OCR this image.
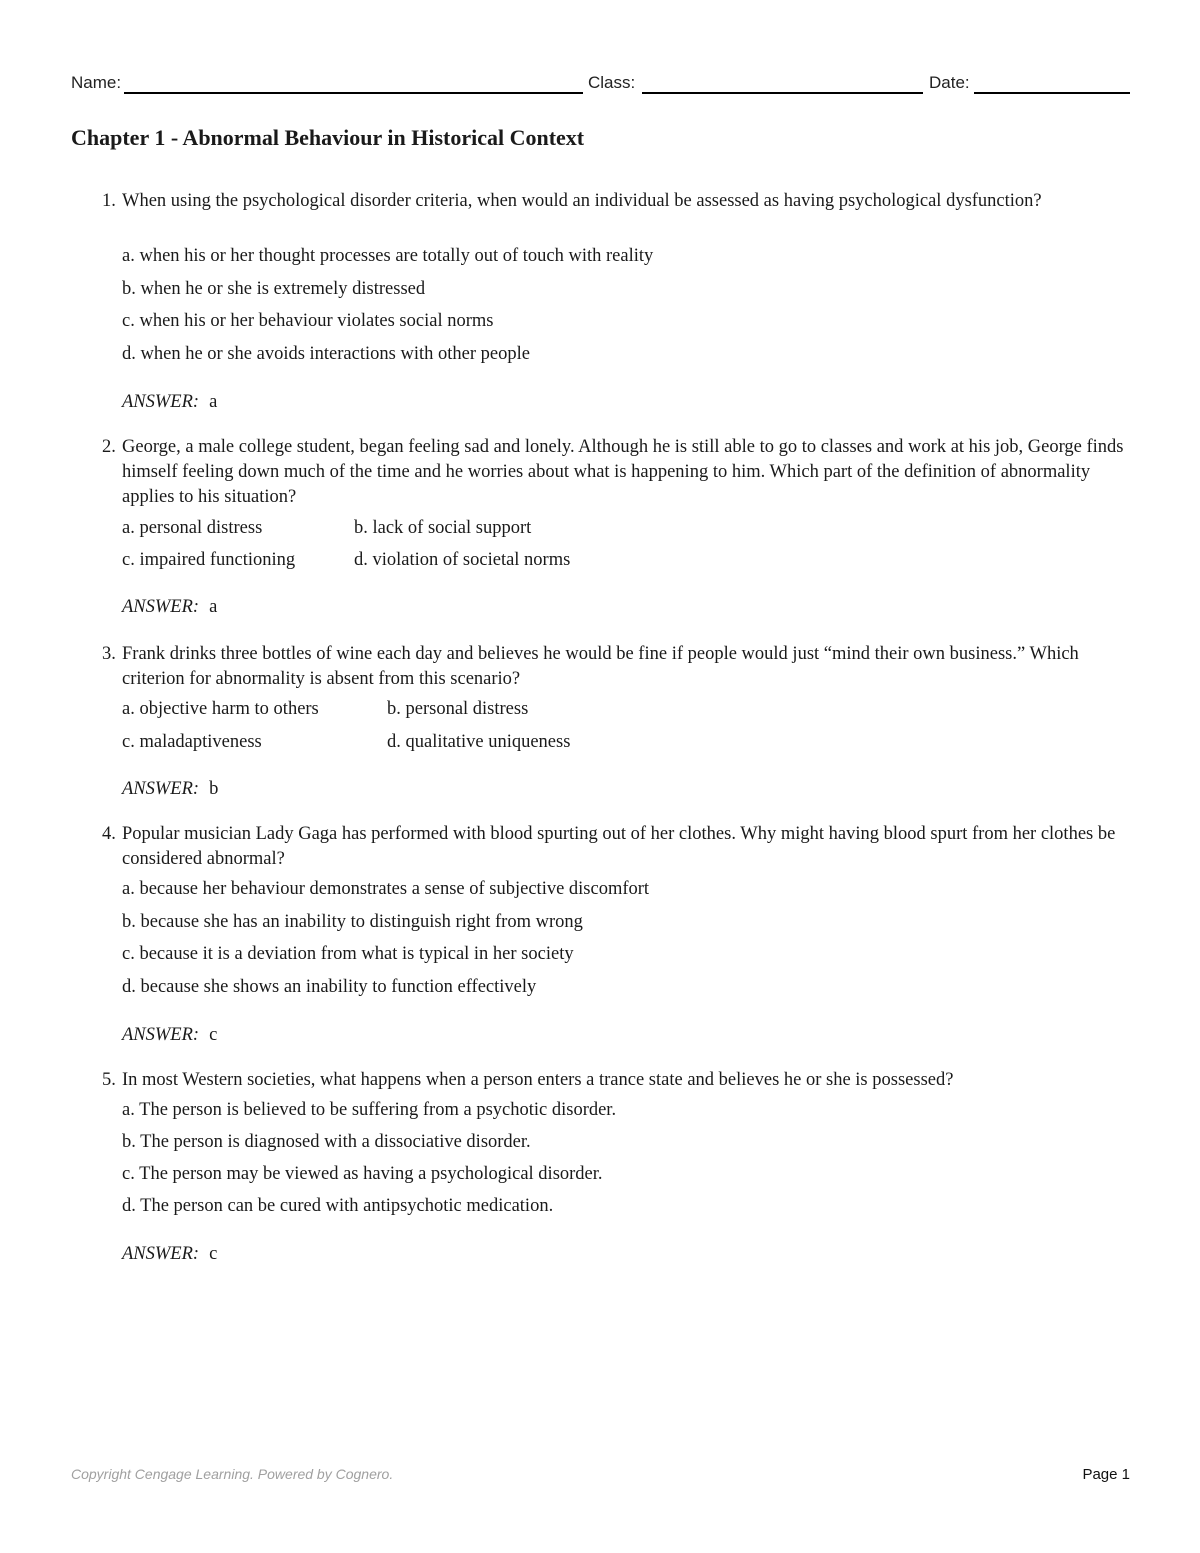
Name:	Class:	Date:
Chapter 1 - Abnormal Behaviour in Historical Context
1. When using the psychological disorder criteria, when would an individual be assessed as having psychological dysfunction?
a. when his or her thought processes are totally out of touch with reality
b. when he or she is extremely distressed
c. when his or her behaviour violates social norms
d. when he or she avoids interactions with other people
ANSWER: a
2. George, a male college student, began feeling sad and lonely. Although he is still able to go to classes and work at his job, George finds himself feeling down much of the time and he worries about what is happening to him. Which part of the definition of abnormality applies to his situation?
a. personal distress	b. lack of social support
c. impaired functioning	d. violation of societal norms
ANSWER: a
3. Frank drinks three bottles of wine each day and believes he would be fine if people would just “mind their own business.” Which criterion for abnormality is absent from this scenario?
a. objective harm to others	b. personal distress
c. maladaptiveness	d. qualitative uniqueness
ANSWER: b
4. Popular musician Lady Gaga has performed with blood spurting out of her clothes. Why might having blood spurt from her clothes be considered abnormal?
a. because her behaviour demonstrates a sense of subjective discomfort
b. because she has an inability to distinguish right from wrong
c. because it is a deviation from what is typical in her society
d. because she shows an inability to function effectively
ANSWER: c
5. In most Western societies, what happens when a person enters a trance state and believes he or she is possessed?
a. The person is believed to be suffering from a psychotic disorder.
b. The person is diagnosed with a dissociative disorder.
c. The person may be viewed as having a psychological disorder.
d. The person can be cured with antipsychotic medication.
ANSWER: c
Copyright Cengage Learning. Powered by Cognero.	Page 1
